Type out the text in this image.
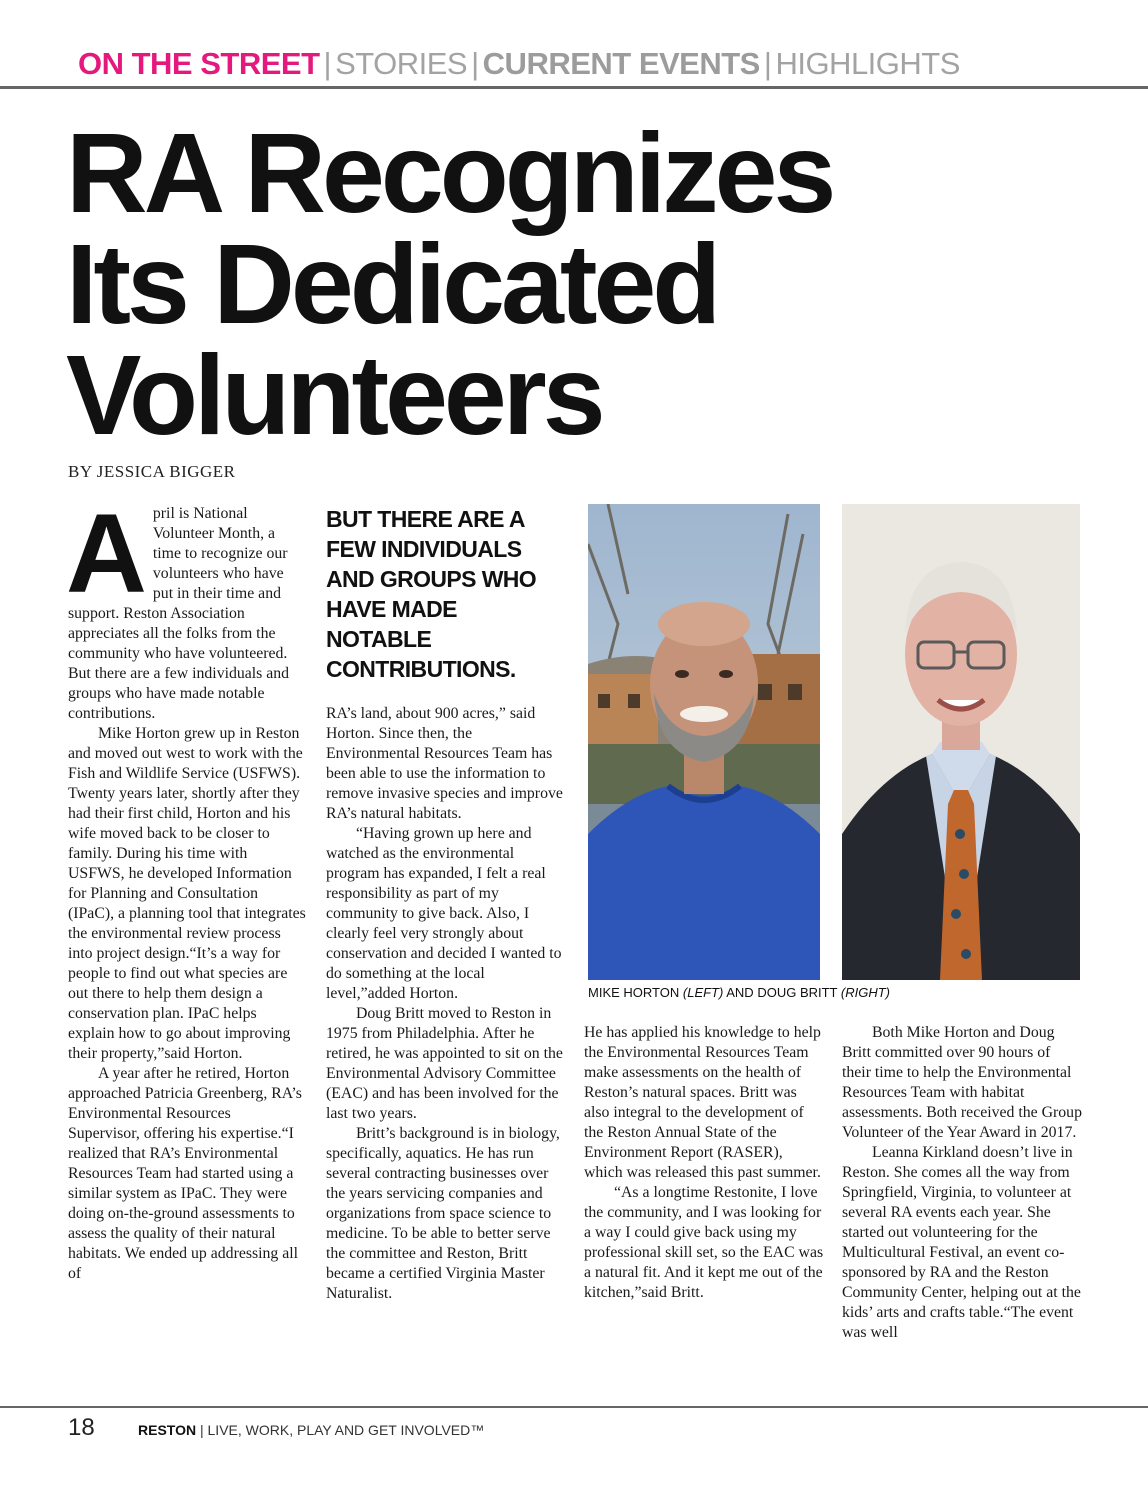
ON THE STREET | STORIES | CURRENT EVENTS | HIGHLIGHTS
RA Recognizes
Its Dedicated
Volunteers
BY JESSICA BIGGER

April is National Volunteer Month, a time to recognize our volunteers who have put in their time and support. Reston Association appreciates all the folks from the community who have volunteered. But there are a few individuals and groups who have made notable contributions.

Mike Horton grew up in Reston and moved out west to work with the Fish and Wildlife Service (USFWS). Twenty years later, shortly after they had their first child, Horton and his wife moved back to be closer to family. During his time with USFWS, he developed Information for Planning and Consultation (IPaC), a planning tool that integrates the environmental review process into project design.“It’s a way for people to find out what species are out there to help them design a conservation plan. IPaC helps explain how to go about improving their property,”said Horton.

A year after he retired, Horton approached Patricia Greenberg, RA’s Environmental Resources Supervisor, offering his expertise.“I realized that RA’s Environmental Resources Team had started using a similar system as IPaC. They were doing on-the-ground assessments to assess the quality of their natural habitats. We ended up addressing all of

BUT THERE ARE A FEW INDIVIDUALS AND GROUPS WHO HAVE MADE NOTABLE CONTRIBUTIONS.

RA’s land, about 900 acres,” said Horton. Since then, the Environmental Resources Team has been able to use the information to remove invasive species and improve RA’s natural habitats.

“Having grown up here and watched as the environmental program has expanded, I felt a real responsibility as part of my community to give back. Also, I clearly feel very strongly about conservation and decided I wanted to do something at the local level,”added Horton.

Doug Britt moved to Reston in 1975 from Philadelphia. After he retired, he was appointed to sit on the Environmental Advisory Committee (EAC) and has been involved for the last two years.

Britt’s background is in biology, specifically, aquatics. He has run several contracting businesses over the years servicing companies and organizations from space science to medicine. To be able to better serve the committee and Reston, Britt became a certified Virginia Master Naturalist.

MIKE HORTON (LEFT) AND DOUG BRITT (RIGHT)

He has applied his knowledge to help the Environmental Resources Team make assessments on the health of Reston’s natural spaces. Britt was also integral to the development of the Reston Annual State of the Environment Report (RASER), which was released this past summer.

“As a longtime Restonite, I love the community, and I was looking for a way I could give back using my professional skill set, so the EAC was a natural fit. And it kept me out of the kitchen,”said Britt.

Both Mike Horton and Doug Britt committed over 90 hours of their time to help the Environmental Resources Team with habitat assessments. Both received the Group Volunteer of the Year Award in 2017.

Leanna Kirkland doesn’t live in Reston. She comes all the way from Springfield, Virginia, to volunteer at several RA events each year. She started out volunteering for the Multicultural Festival, an event co-sponsored by RA and the Reston Community Center, helping out at the kids’ arts and crafts table.“The event was well

18	RESTON | LIVE, WORK, PLAY AND GET INVOLVED™
